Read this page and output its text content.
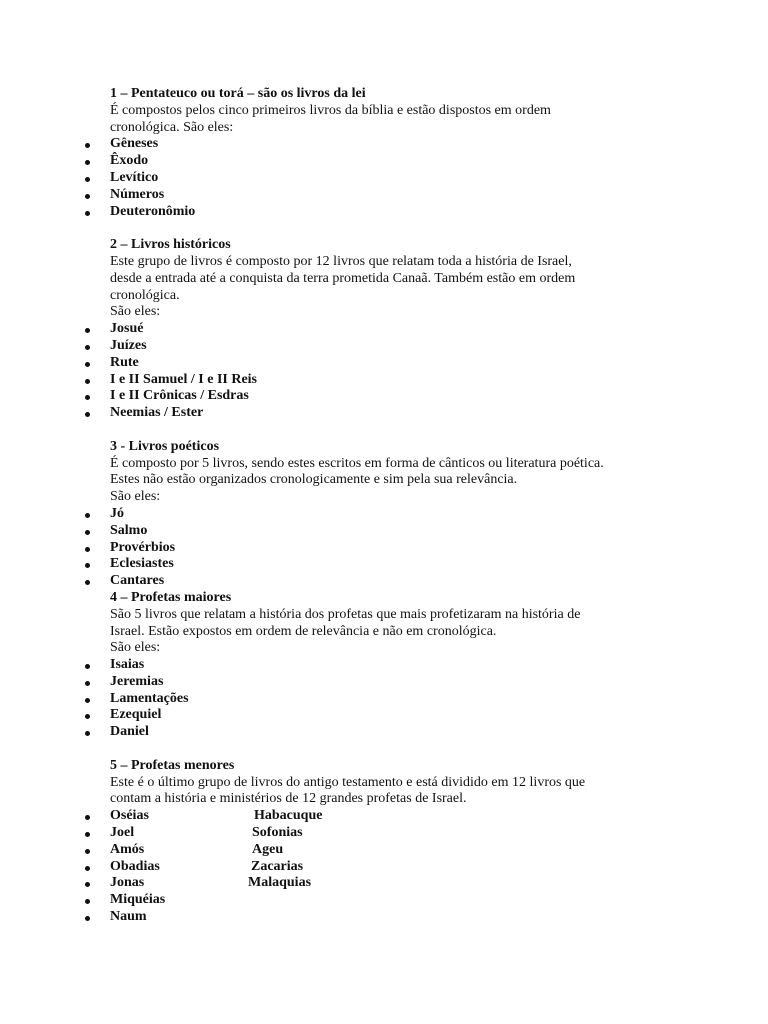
1 – Pentateuco ou torá – são os livros da lei
É compostos pelos cinco primeiros livros da bíblia e estão dispostos em ordem
cronológica. São eles:
Gêneses
Êxodo
Levítico
Números
Deuteronômio
2 – Livros históricos
Este grupo de livros é composto por 12 livros que relatam toda a história de Israel,
desde a entrada até a conquista da terra prometida Canaã. Também estão em ordem
cronológica.
São eles:
Josué
Juízes
Rute
I e II Samuel / I e II Reis
I e II Crônicas / Esdras
Neemias / Ester
3 - Livros poéticos
É composto por 5 livros, sendo estes escritos em forma de cânticos ou literatura poética.
Estes não estão organizados cronologicamente e sim pela sua relevância.
São eles:
Jó
Salmo
Provérbios
Eclesiastes
Cantares
4 – Profetas maiores
São 5 livros que relatam a história dos profetas que mais profetizaram na história de
Israel. Estão expostos em ordem de relevância e não em cronológica.
São eles:
Isaias
Jeremias
Lamentações
Ezequiel
Daniel
5 – Profetas menores
Este é o último grupo de livros do antigo testamento e está dividido em 12 livros que
contam a história e ministérios de 12 grandes profetas de Israel.
Oséias	Habacuque
Joel	Sofonias
Amós	Ageu
Obadias	Zacarias
Jonas	Malaquias
Miquéias
Naum
